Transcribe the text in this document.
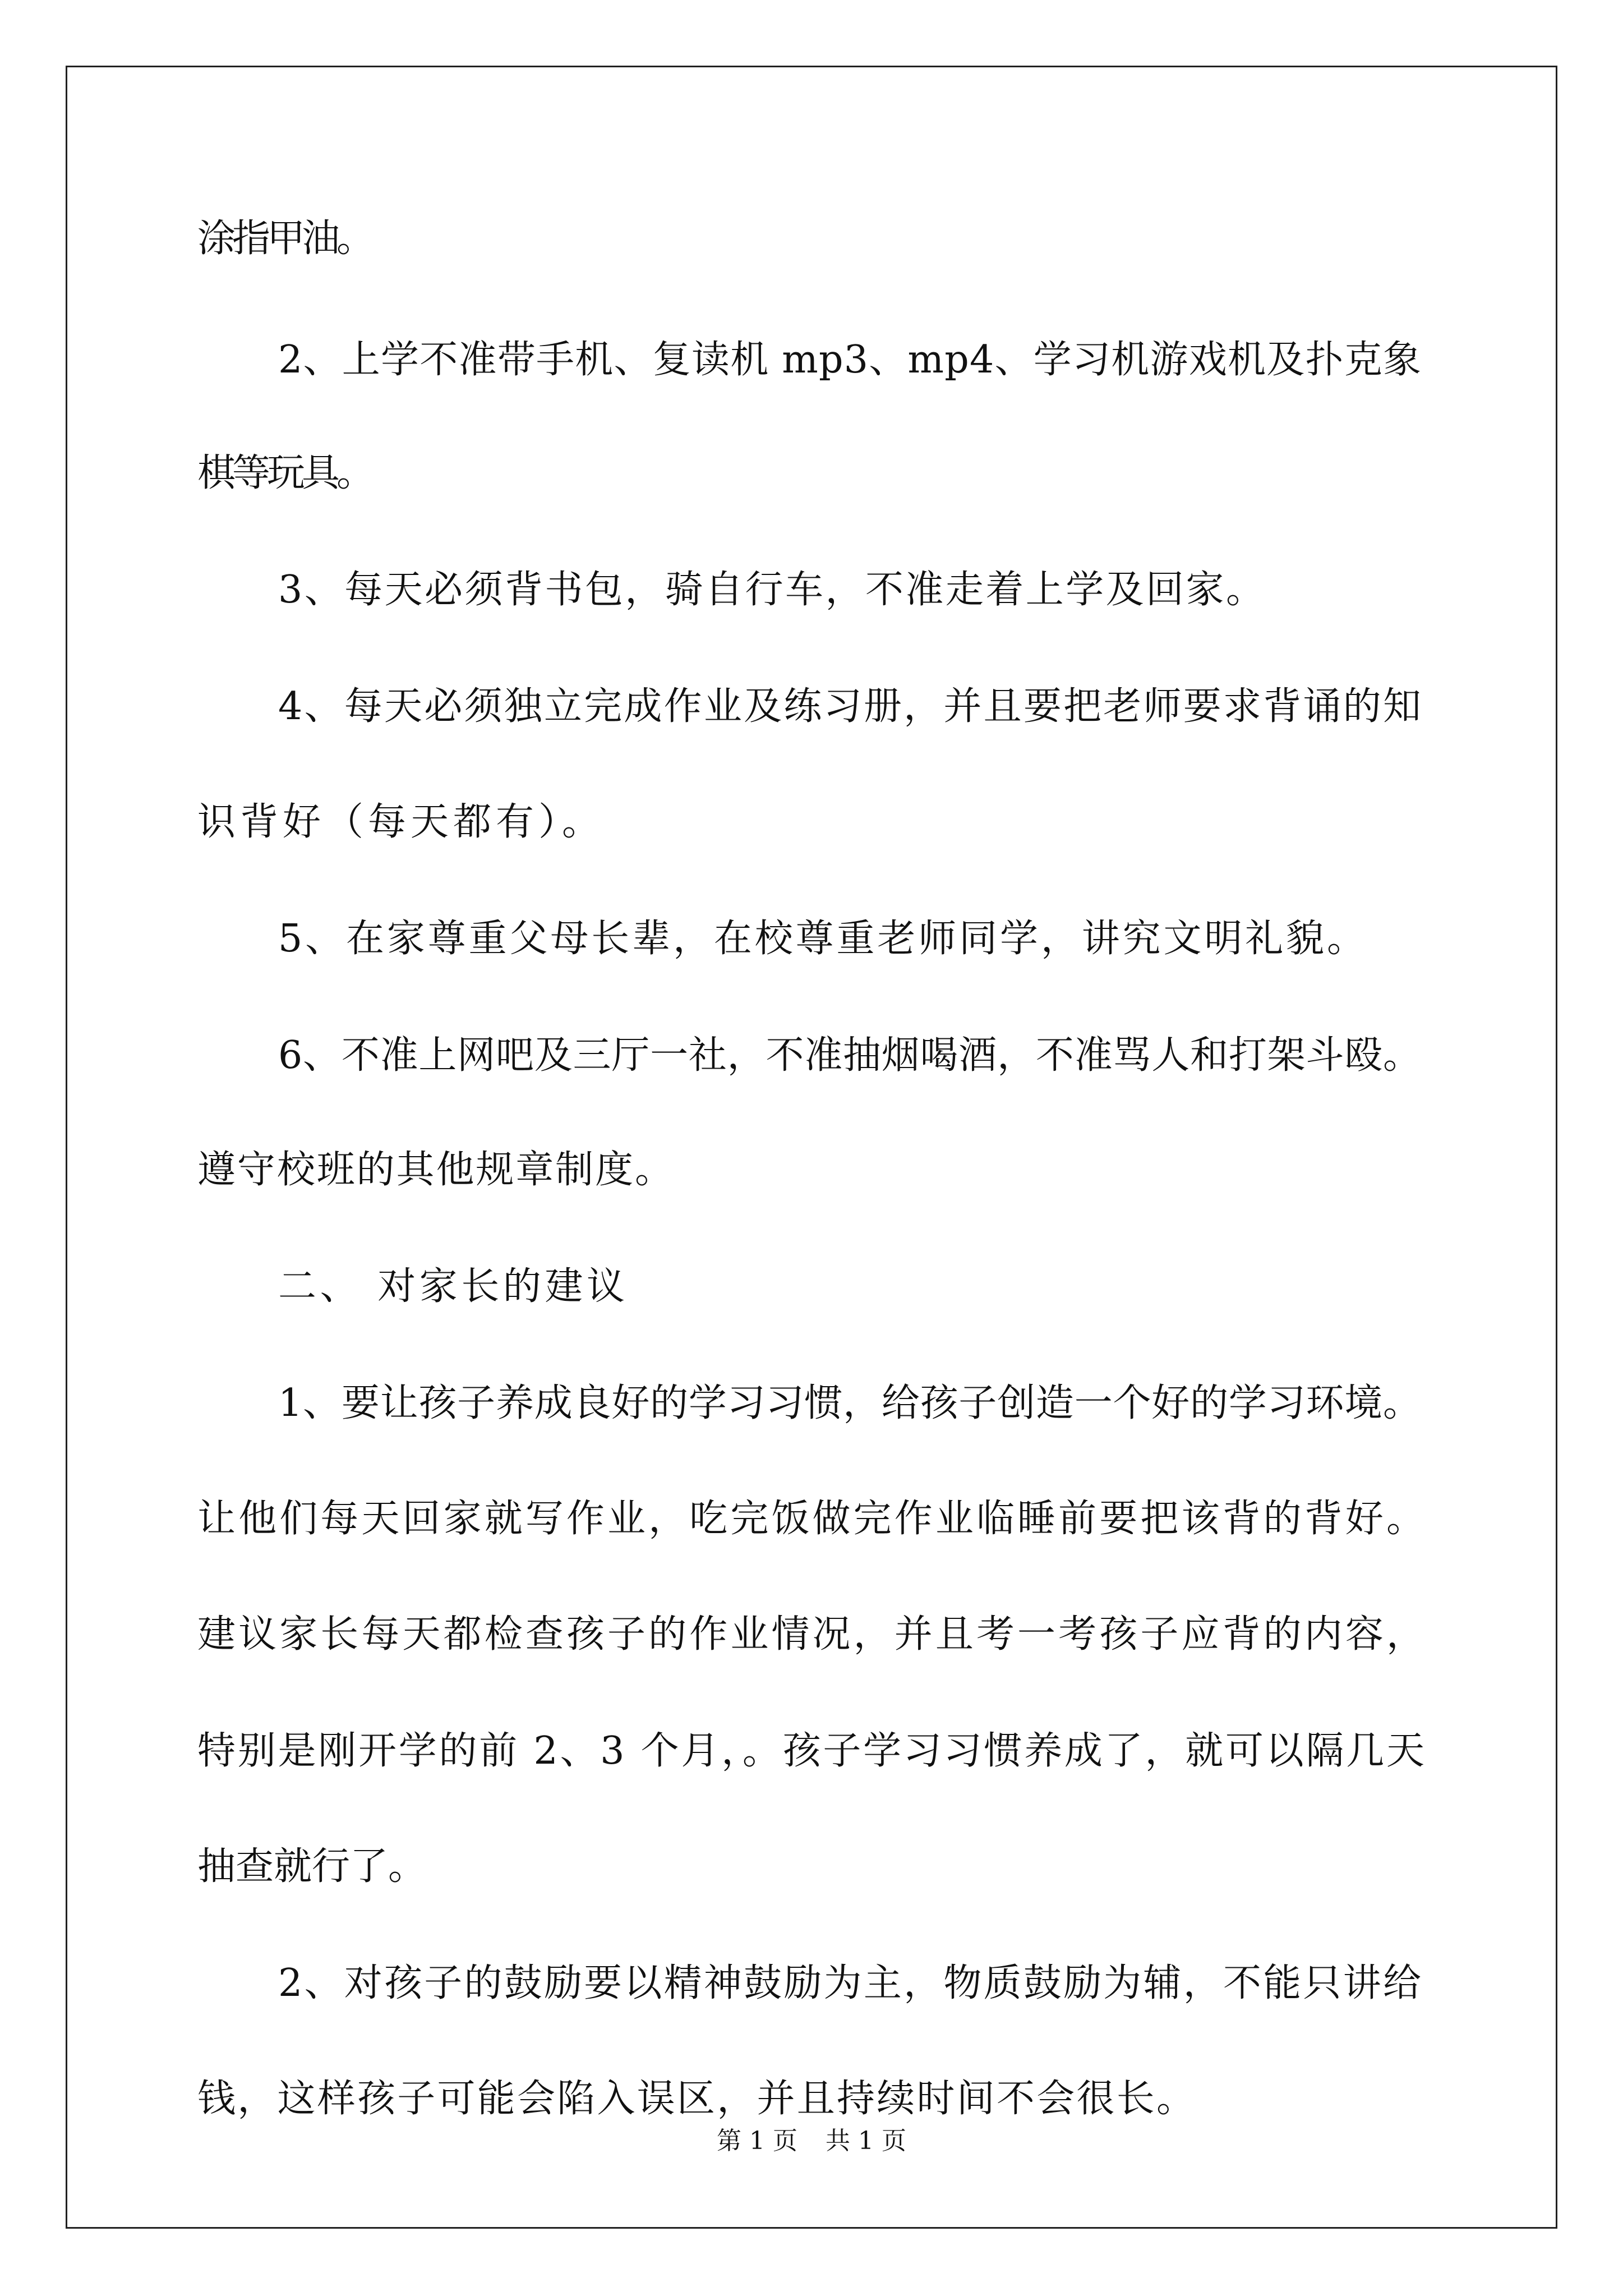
涂指甲油。
2、上学不准带手机、复读机 mp3、mp4、学习机游戏机及扑克象
棋等玩具。
3、每天必须背书包，骑自行车，不准走着上学及回家。
4、每天必须独立完成作业及练习册，并且要把老师要求背诵的知
识背好（每天都有）。
5、在家尊重父母长辈，在校尊重老师同学，讲究文明礼貌。
6、不准上网吧及三厅一社，不准抽烟喝酒，不准骂人和打架斗殴。
遵守校班的其他规章制度。
二、 对家长的建议
1、要让孩子养成良好的学习习惯，给孩子创造一个好的学习环境。
让他们每天回家就写作业，吃完饭做完作业临睡前要把该背的背好。
建议家长每天都检查孩子的作业情况，并且考一考孩子应背的内容，
特别是刚开学的前 2、3 个月，。孩子学习习惯养成了，就可以隔几天
抽查就行了。
2、对孩子的鼓励要以精神鼓励为主，物质鼓励为辅，不能只讲给
钱，这样孩子可能会陷入误区，并且持续时间不会很长。
第 1 页 共 1 页
